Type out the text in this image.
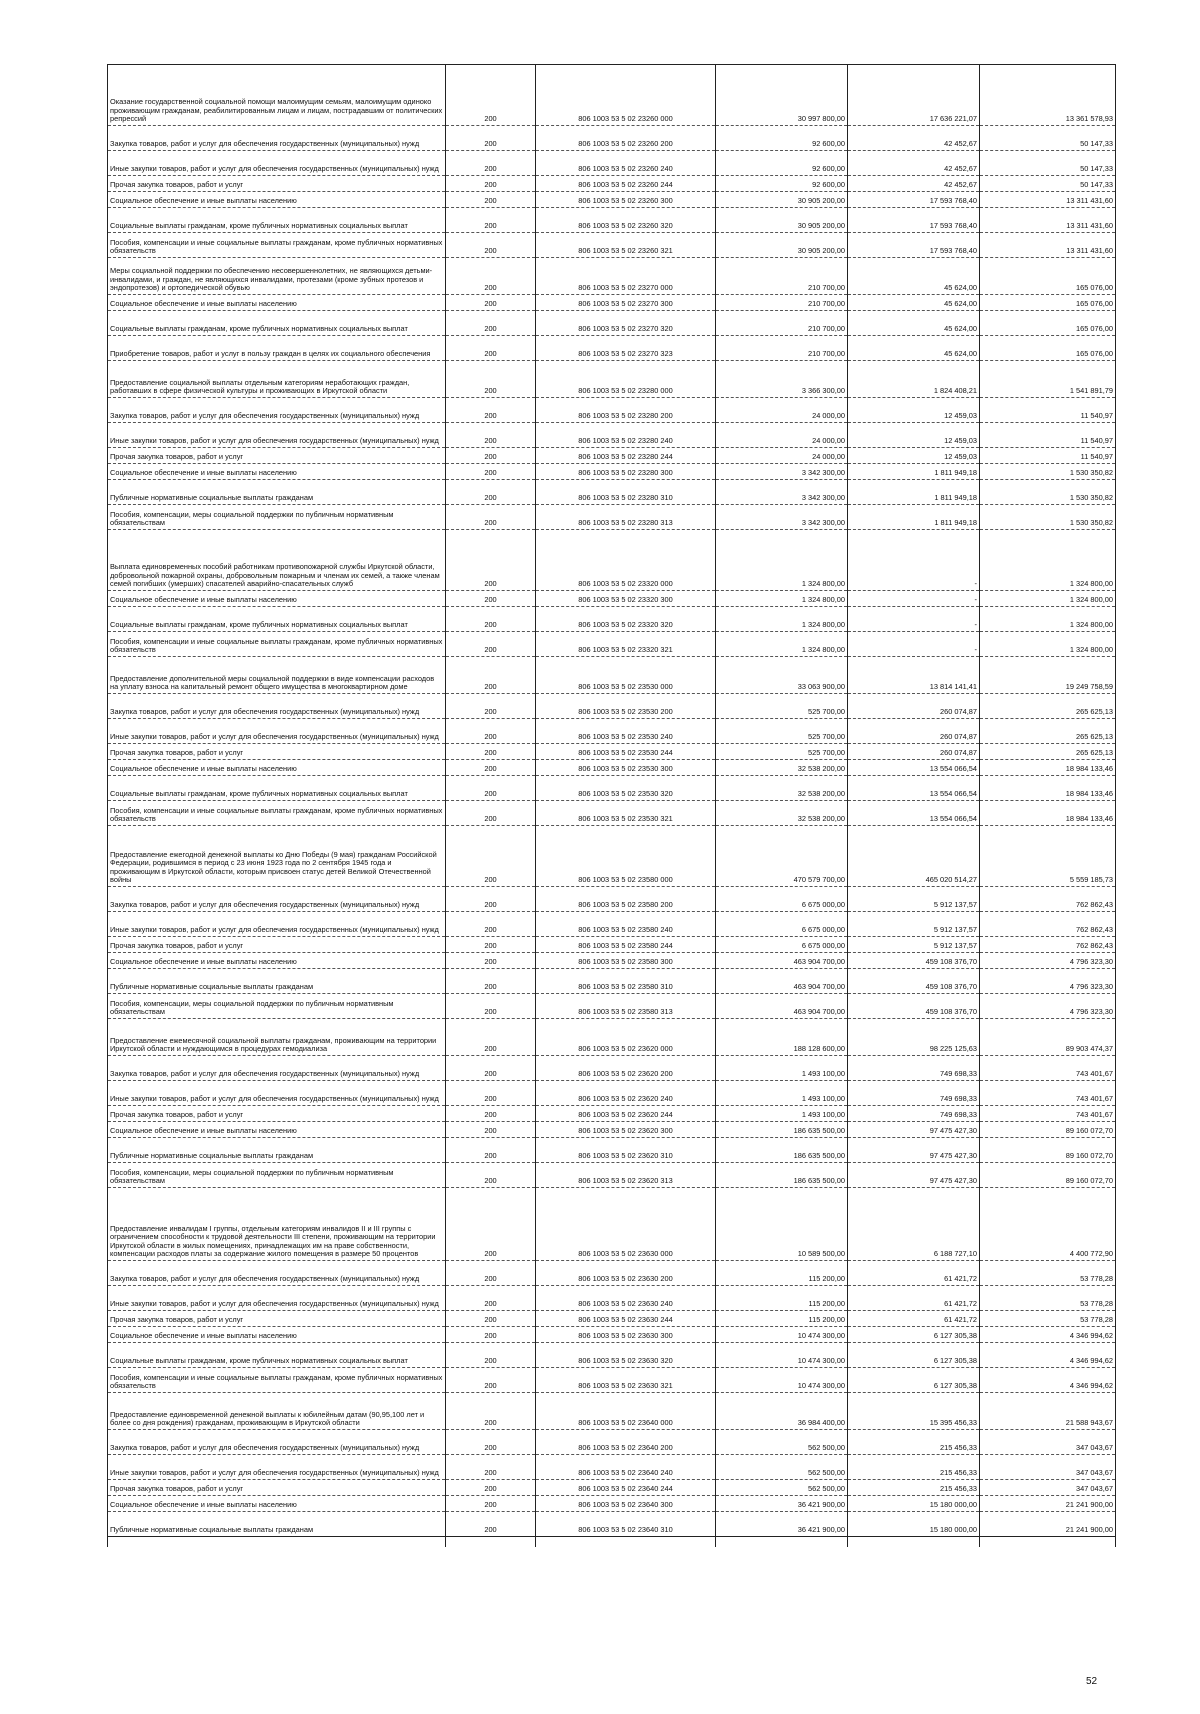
Оказание государственной социальной помощи малоимущим семьям, малоимущим одиноко проживающим гражданам, реабилитированным лицам и лицам, пострадавшим от политических репрессий	200	806 1003 53 5 02 23260 000	30 997 800,00	17 636 221,07	13 361 578,93
Закупка товаров, работ и услуг для обеспечения государственных (муниципальных) нужд	200	806 1003 53 5 02 23260 200	92 600,00	42 452,67	50 147,33
Иные закупки товаров, работ и услуг для обеспечения государственных (муниципальных) нужд	200	806 1003 53 5 02 23260 240	92 600,00	42 452,67	50 147,33
Прочая закупка товаров, работ и услуг	200	806 1003 53 5 02 23260 244	92 600,00	42 452,67	50 147,33
Социальное обеспечение и иные выплаты населению	200	806 1003 53 5 02 23260 300	30 905 200,00	17 593 768,40	13 311 431,60
Социальные выплаты гражданам, кроме публичных нормативных социальных выплат	200	806 1003 53 5 02 23260 320	30 905 200,00	17 593 768,40	13 311 431,60
Пособия, компенсации и иные социальные выплаты гражданам, кроме публичных нормативных обязательств	200	806 1003 53 5 02 23260 321	30 905 200,00	17 593 768,40	13 311 431,60
Меры социальной поддержки по обеспечению несовершеннолетних, не являющихся детьми-инвалидами, и граждан, не являющихся инвалидами, протезами (кроме зубных протезов и эндопротезов) и ортопедической обувью	200	806 1003 53 5 02 23270 000	210 700,00	45 624,00	165 076,00
Социальное обеспечение и иные выплаты населению	200	806 1003 53 5 02 23270 300	210 700,00	45 624,00	165 076,00
Социальные выплаты гражданам, кроме публичных нормативных социальных выплат	200	806 1003 53 5 02 23270 320	210 700,00	45 624,00	165 076,00
Приобретение товаров, работ и услуг в пользу граждан в целях их социального обеспечения	200	806 1003 53 5 02 23270 323	210 700,00	45 624,00	165 076,00
Предоставление социальной выплаты отдельным категориям неработающих граждан, работавших в сфере физической культуры и проживающих в Иркутской области	200	806 1003 53 5 02 23280 000	3 366 300,00	1 824 408,21	1 541 891,79
Закупка товаров, работ и услуг для обеспечения государственных (муниципальных) нужд	200	806 1003 53 5 02 23280 200	24 000,00	12 459,03	11 540,97
Иные закупки товаров, работ и услуг для обеспечения государственных (муниципальных) нужд	200	806 1003 53 5 02 23280 240	24 000,00	12 459,03	11 540,97
Прочая закупка товаров, работ и услуг	200	806 1003 53 5 02 23280 244	24 000,00	12 459,03	11 540,97
Социальное обеспечение и иные выплаты населению	200	806 1003 53 5 02 23280 300	3 342 300,00	1 811 949,18	1 530 350,82
Публичные нормативные социальные выплаты гражданам	200	806 1003 53 5 02 23280 310	3 342 300,00	1 811 949,18	1 530 350,82
Пособия, компенсации, меры социальной поддержки по публичным нормативным обязательствам	200	806 1003 53 5 02 23280 313	3 342 300,00	1 811 949,18	1 530 350,82
Выплата единовременных пособий работникам противопожарной службы Иркутской области, добровольной пожарной охраны, добровольным пожарным и членам их семей, а также членам семей погибших (умерших) спасателей аварийно-спасательных служб	200	806 1003 53 5 02 23320 000	1 324 800,00	-	1 324 800,00
Социальное обеспечение и иные выплаты населению	200	806 1003 53 5 02 23320 300	1 324 800,00	-	1 324 800,00
Социальные выплаты гражданам, кроме публичных нормативных социальных выплат	200	806 1003 53 5 02 23320 320	1 324 800,00	-	1 324 800,00
Пособия, компенсации и иные социальные выплаты гражданам, кроме публичных нормативных обязательств	200	806 1003 53 5 02 23320 321	1 324 800,00	-	1 324 800,00
Предоставление дополнительной меры социальной поддержки в виде компенсации расходов на уплату взноса на капитальный ремонт общего имущества в многоквартирном доме	200	806 1003 53 5 02 23530 000	33 063 900,00	13 814 141,41	19 249 758,59
Закупка товаров, работ и услуг для обеспечения государственных (муниципальных) нужд	200	806 1003 53 5 02 23530 200	525 700,00	260 074,87	265 625,13
Иные закупки товаров, работ и услуг для обеспечения государственных (муниципальных) нужд	200	806 1003 53 5 02 23530 240	525 700,00	260 074,87	265 625,13
Прочая закупка товаров, работ и услуг	200	806 1003 53 5 02 23530 244	525 700,00	260 074,87	265 625,13
Социальное обеспечение и иные выплаты населению	200	806 1003 53 5 02 23530 300	32 538 200,00	13 554 066,54	18 984 133,46
Социальные выплаты гражданам, кроме публичных нормативных социальных выплат	200	806 1003 53 5 02 23530 320	32 538 200,00	13 554 066,54	18 984 133,46
Пособия, компенсации и иные социальные выплаты гражданам, кроме публичных нормативных обязательств	200	806 1003 53 5 02 23530 321	32 538 200,00	13 554 066,54	18 984 133,46
Предоставление ежегодной денежной выплаты ко Дню Победы (9 мая) гражданам Российской Федерации, родившимся в период с 23 июня 1923 года по 2 сентября 1945 года и проживающим в Иркутской области, которым присвоен статус детей Великой Отечественной войны	200	806 1003 53 5 02 23580 000	470 579 700,00	465 020 514,27	5 559 185,73
Закупка товаров, работ и услуг для обеспечения государственных (муниципальных) нужд	200	806 1003 53 5 02 23580 200	6 675 000,00	5 912 137,57	762 862,43
Иные закупки товаров, работ и услуг для обеспечения государственных (муниципальных) нужд	200	806 1003 53 5 02 23580 240	6 675 000,00	5 912 137,57	762 862,43
Прочая закупка товаров, работ и услуг	200	806 1003 53 5 02 23580 244	6 675 000,00	5 912 137,57	762 862,43
Социальное обеспечение и иные выплаты населению	200	806 1003 53 5 02 23580 300	463 904 700,00	459 108 376,70	4 796 323,30
Публичные нормативные социальные выплаты гражданам	200	806 1003 53 5 02 23580 310	463 904 700,00	459 108 376,70	4 796 323,30
Пособия, компенсации, меры социальной поддержки по публичным нормативным обязательствам	200	806 1003 53 5 02 23580 313	463 904 700,00	459 108 376,70	4 796 323,30
Предоставление ежемесячной социальной выплаты гражданам, проживающим на территории Иркутской области и нуждающимся в процедурах гемодиализа	200	806 1003 53 5 02 23620 000	188 128 600,00	98 225 125,63	89 903 474,37
Закупка товаров, работ и услуг для обеспечения государственных (муниципальных) нужд	200	806 1003 53 5 02 23620 200	1 493 100,00	749 698,33	743 401,67
Иные закупки товаров, работ и услуг для обеспечения государственных (муниципальных) нужд	200	806 1003 53 5 02 23620 240	1 493 100,00	749 698,33	743 401,67
Прочая закупка товаров, работ и услуг	200	806 1003 53 5 02 23620 244	1 493 100,00	749 698,33	743 401,67
Социальное обеспечение и иные выплаты населению	200	806 1003 53 5 02 23620 300	186 635 500,00	97 475 427,30	89 160 072,70
Публичные нормативные социальные выплаты гражданам	200	806 1003 53 5 02 23620 310	186 635 500,00	97 475 427,30	89 160 072,70
Пособия, компенсации, меры социальной поддержки по публичным нормативным обязательствам	200	806 1003 53 5 02 23620 313	186 635 500,00	97 475 427,30	89 160 072,70
Предоставление инвалидам I группы, отдельным категориям инвалидов II и III группы с ограничением способности к трудовой деятельности III степени, проживающим на территории Иркутской области в жилых помещениях, принадлежащих им на праве собственности, компенсации расходов платы за содержание жилого помещения в размере 50 процентов	200	806 1003 53 5 02 23630 000	10 589 500,00	6 188 727,10	4 400 772,90
Закупка товаров, работ и услуг для обеспечения государственных (муниципальных) нужд	200	806 1003 53 5 02 23630 200	115 200,00	61 421,72	53 778,28
Иные закупки товаров, работ и услуг для обеспечения государственных (муниципальных) нужд	200	806 1003 53 5 02 23630 240	115 200,00	61 421,72	53 778,28
Прочая закупка товаров, работ и услуг	200	806 1003 53 5 02 23630 244	115 200,00	61 421,72	53 778,28
Социальное обеспечение и иные выплаты населению	200	806 1003 53 5 02 23630 300	10 474 300,00	6 127 305,38	4 346 994,62
Социальные выплаты гражданам, кроме публичных нормативных социальных выплат	200	806 1003 53 5 02 23630 320	10 474 300,00	6 127 305,38	4 346 994,62
Пособия, компенсации и иные социальные выплаты гражданам, кроме публичных нормативных обязательств	200	806 1003 53 5 02 23630 321	10 474 300,00	6 127 305,38	4 346 994,62
Предоставление единовременной денежной выплаты к юбилейным датам (90,95,100 лет и более со дня рождения) гражданам, проживающим в Иркутской области	200	806 1003 53 5 02 23640 000	36 984 400,00	15 395 456,33	21 588 943,67
Закупка товаров, работ и услуг для обеспечения государственных (муниципальных) нужд	200	806 1003 53 5 02 23640 200	562 500,00	215 456,33	347 043,67
Иные закупки товаров, работ и услуг для обеспечения государственных (муниципальных) нужд	200	806 1003 53 5 02 23640 240	562 500,00	215 456,33	347 043,67
Прочая закупка товаров, работ и услуг	200	806 1003 53 5 02 23640 244	562 500,00	215 456,33	347 043,67
Социальное обеспечение и иные выплаты населению	200	806 1003 53 5 02 23640 300	36 421 900,00	15 180 000,00	21 241 900,00
Публичные нормативные социальные выплаты гражданам	200	806 1003 53 5 02 23640 310	36 421 900,00	15 180 000,00	21 241 900,00

52
